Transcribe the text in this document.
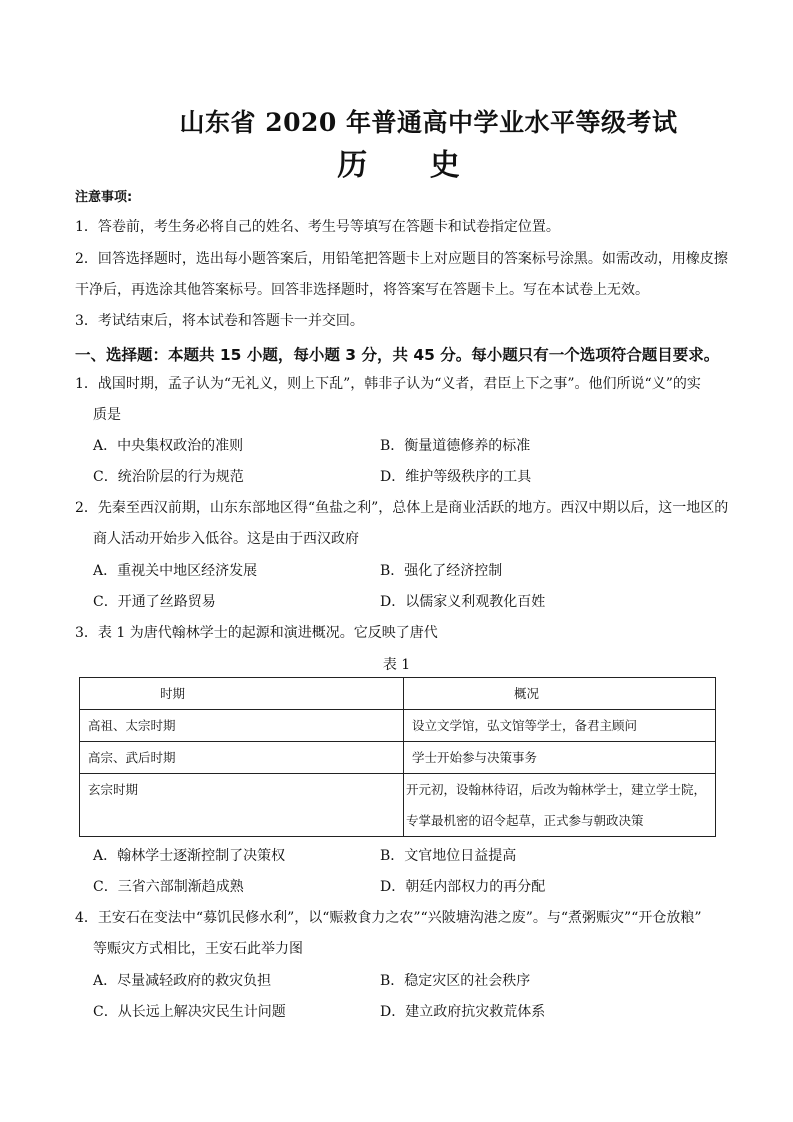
山东省 2020 年普通高中学业水平等级考试
历 史
注意事项:
1．答卷前，考生务必将自己的姓名、考生号等填写在答题卡和试卷指定位置。
2．回答选择题时，选出每小题答案后，用铅笔把答题卡上对应题目的答案标号涂黑。如需改动，用橡皮擦
干净后，再选涂其他答案标号。回答非选择题时，将答案写在答题卡上。写在本试卷上无效。
3．考试结束后，将本试卷和答题卡一并交回。
一、选择题：本题共 15 小题，每小题 3 分，共 45 分。每小题只有一个选项符合题目要求。
1．战国时期，孟子认为“无礼义，则上下乱”，韩非子认为“义者，君臣上下之事”。他们所说“义”的实
质是
A．中央集权政治的准则	B．衡量道德修养的标准
C．统治阶层的行为规范	D．维护等级秩序的工具
2．先秦至西汉前期，山东东部地区得“鱼盐之利”，总体上是商业活跃的地方。西汉中期以后，这一地区的
商人活动开始步入低谷。这是由于西汉政府
A．重视关中地区经济发展	B．强化了经济控制
C．开通了丝路贸易	D．以儒家义利观教化百姓
3．表 1 为唐代翰林学士的起源和演进概况。它反映了唐代
表 1
时期	概况
高祖、太宗时期	设立文学馆，弘文馆等学士，备君主顾问
高宗、武后时期	学士开始参与决策事务
玄宗时期	开元初，设翰林待诏，后改为翰林学士，建立学士院，专掌最机密的诏令起草，正式参与朝政决策
A．翰林学士逐渐控制了决策权	B．文官地位日益提高
C．三省六部制渐趋成熟	D．朝廷内部权力的再分配
4．王安石在变法中“募饥民修水利”，以“赈救食力之农”“兴陂塘沟港之废”。与“煮粥赈灾”“开仓放粮”
等赈灾方式相比，王安石此举力图
A．尽量减轻政府的救灾负担	B．稳定灾区的社会秩序
C．从长远上解决灾民生计问题	D．建立政府抗灾救荒体系
